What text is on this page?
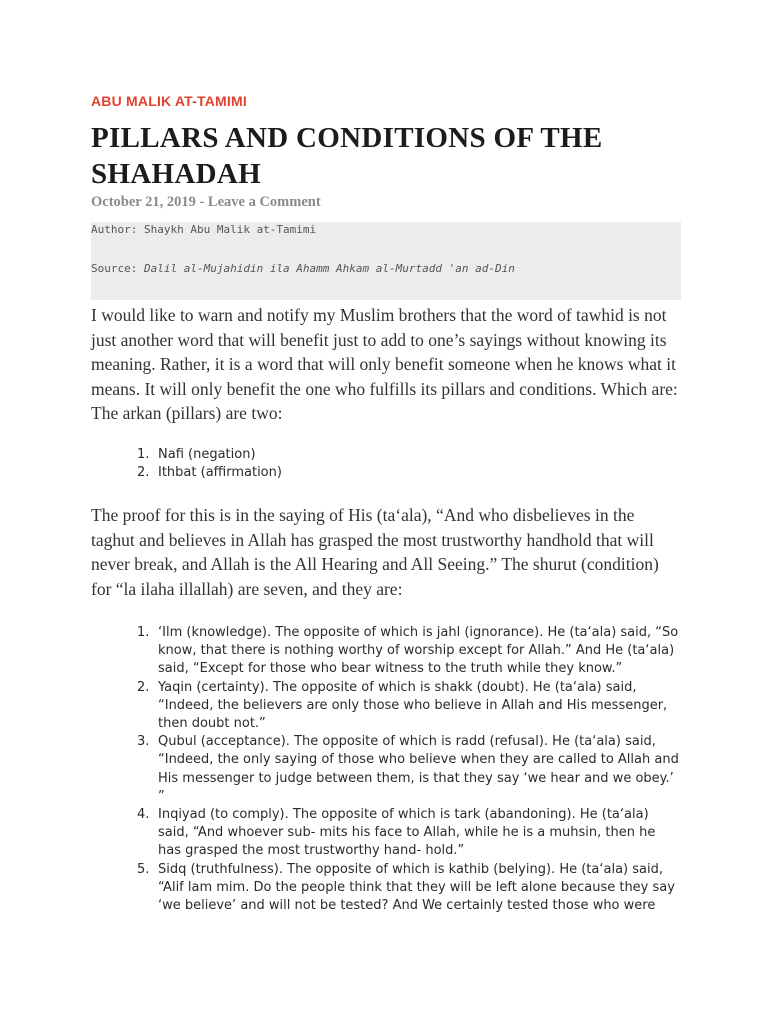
ABU MALIK AT-TAMIMI
PILLARS AND CONDITIONS OF THE SHAHADAH
October 21, 2019 - Leave a Comment
Author: Shaykh Abu Malik at-Tamimi
Source: Dalil al-Mujahidin ila Ahamm Ahkam al-Murtadd 'an ad-Din

I would like to warn and notify my Muslim brothers that the word of tawhid is not just another word that will benefit just to add to one’s sayings without knowing its meaning. Rather, it is a word that will only benefit someone when he knows what it means. It will only benefit the one who fulfills its pillars and conditions. Which are: The arkan (pillars) are two:

1. Nafi (negation)
2. Ithbat (affirmation)

The proof for this is in the saying of His (ta‘ala), “And who disbelieves in the taghut and believes in Allah has grasped the most trustworthy handhold that will never break, and Allah is the All Hearing and All Seeing.” The shurut (condition) for “la ilaha illallah) are seven, and they are:

1. ‘Ilm (knowledge). The opposite of which is jahl (ignorance). He (ta‘ala) said, “So know, that there is nothing worthy of worship except for Allah.” And He (ta‘ala) said, “Except for those who bear witness to the truth while they know.”
2. Yaqin (certainty). The opposite of which is shakk (doubt). He (ta‘ala) said, “Indeed, the believers are only those who believe in Allah and His messenger, then doubt not.”
3. Qubul (acceptance). The opposite of which is radd (refusal). He (ta‘ala) said, “Indeed, the only saying of those who believe when they are called to Allah and His messenger to judge between them, is that they say ‘we hear and we obey.’ ”
4. Inqiyad (to comply). The opposite of which is tark (abandoning). He (ta‘ala) said, “And whoever sub- mits his face to Allah, while he is a muhsin, then he has grasped the most trustworthy hand- hold.”
5. Sidq (truthfulness). The opposite of which is kathib (belying). He (ta‘ala) said, “Alif lam mim. Do the people think that they will be left alone because they say ‘we believe’ and will not be tested? And We certainly tested those who were
